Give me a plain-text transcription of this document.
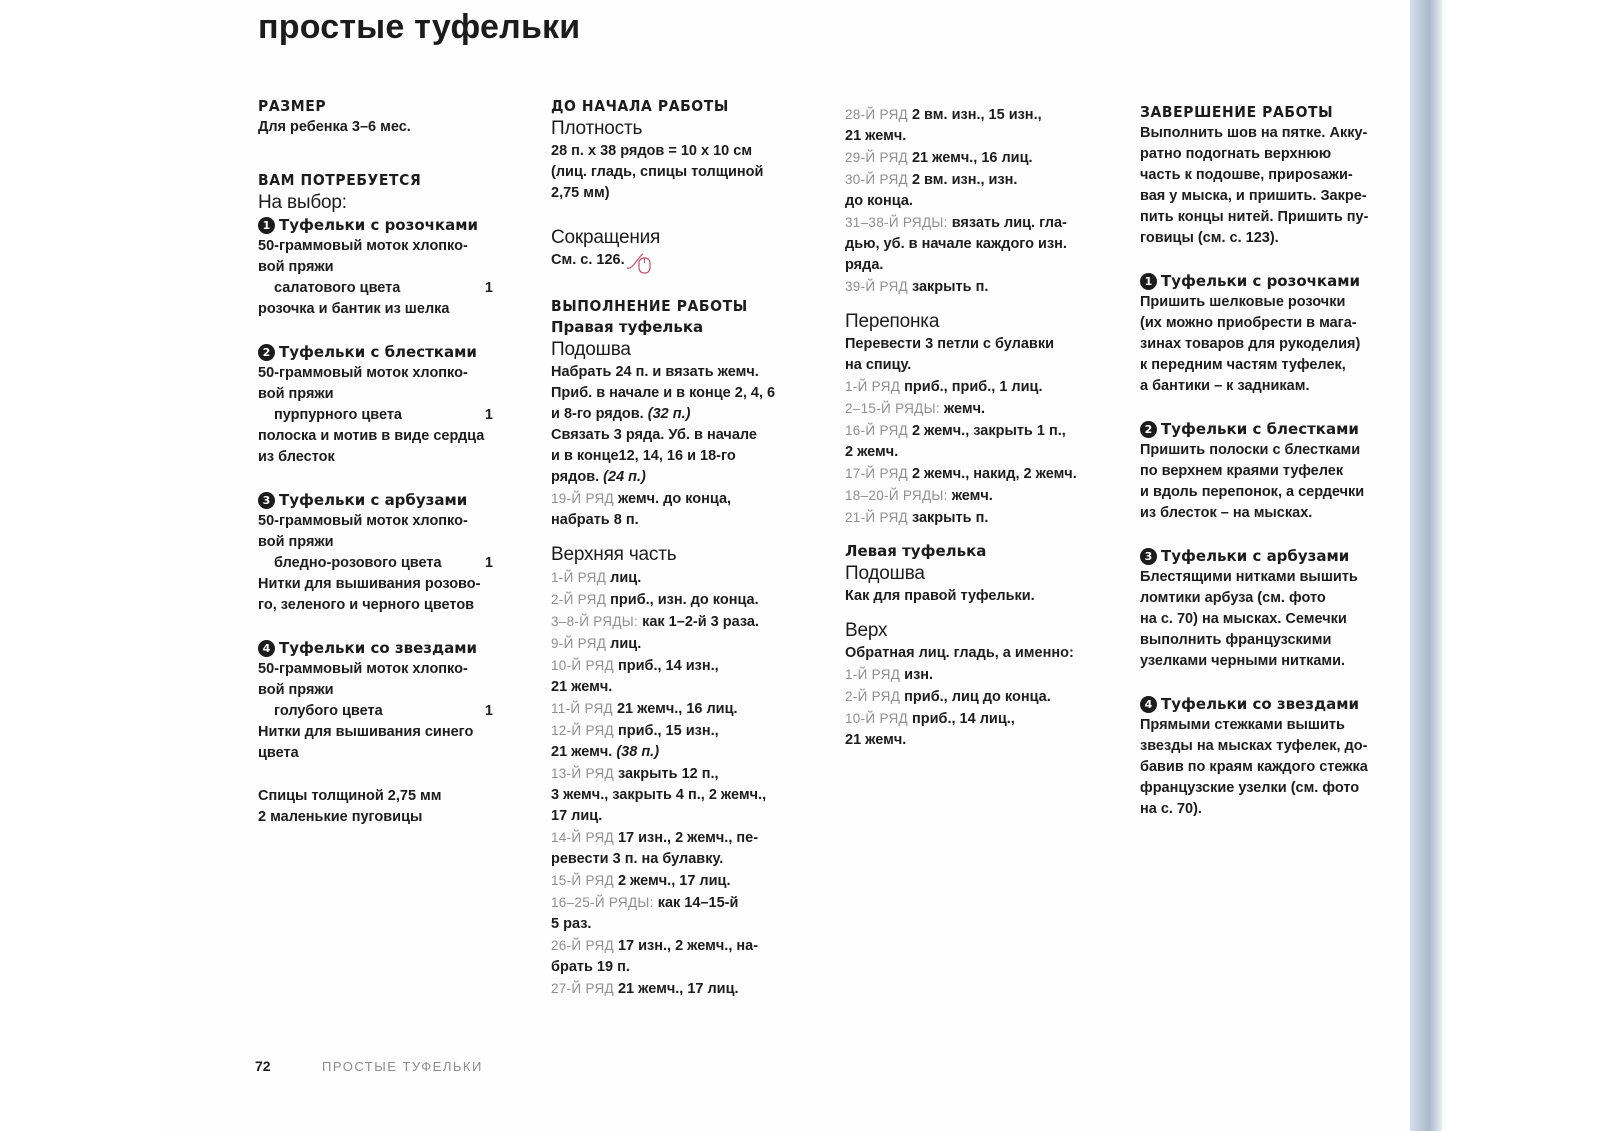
простые туфельки

РАЗМЕР

Для ребенка 3–6 мес.

ВАМ ПОТРЕБУЕТСЯ

На выбор:

1 Туфельки с розочками

50-граммовый моток хлопко-

вой пряжи

салатового цвета	1

розочка и бантик из шелка

2 Туфельки с блестками

50-граммовый моток хлопко-

вой пряжи

пурпурного цвета	1

полоска и мотив в виде сердца

из блесток

3 Туфельки с арбузами

50-граммовый моток хлопко-

вой пряжи

бледно-розового цвета	1

Нитки для вышивания розово-

го, зеленого и черного цветов

4 Туфельки со звездами

50-граммовый моток хлопко-

вой пряжи

голубого цвета	1

Нитки для вышивания синего

цвета

Спицы толщиной 2,75 мм

2 маленькие пуговицы

ДО НАЧАЛА РАБОТЫ

Плотность

28 п. х 38 рядов = 10 х 10 см

(лиц. гладь, спицы толщиной

2,75 мм)

Сокращения

См. с. 126.

ВЫПОЛНЕНИЕ РАБОТЫ

Правая туфелька

Подошва

Набрать 24 п. и вязать жемч.

Приб. в начале и в конце 2, 4, 6

и 8-го рядов. (32 п.)

Связать 3 ряда. Уб. в начале

и в конце12, 14, 16 и 18-го

рядов. (24 п.)

19-Й РЯД жемч. до конца,

набрать 8 п.

Верхняя часть

1-Й РЯД лиц.

2-Й РЯД приб., изн. до конца.

3–8-Й РЯДЫ: как 1–2-й 3 раза.

9-Й РЯД лиц.

10-Й РЯД приб., 14 изн.,

21 жемч.

11-Й РЯД 21 жемч., 16 лиц.

12-Й РЯД приб., 15 изн.,

21 жемч. (38 п.)

13-Й РЯД закрыть 12 п.,

3 жемч., закрыть 4 п., 2 жемч.,

17 лиц.

14-Й РЯД 17 изн., 2 жемч., пе-

ревести 3 п. на булавку.

15-Й РЯД 2 жемч., 17 лиц.

16–25-Й РЯДЫ: как 14–15-й

5 раз.

26-Й РЯД 17 изн., 2 жемч., на-

брать 19 п.

27-Й РЯД 21 жемч., 17 лиц.

28-Й РЯД 2 вм. изн., 15 изн.,

21 жемч.

29-Й РЯД 21 жемч., 16 лиц.

30-Й РЯД 2 вм. изн., изн.

до конца.

31–38-Й РЯДЫ: вязать лиц. гла-

дью, уб. в начале каждого изн.

ряда.

39-Й РЯД закрыть п.

Перепонка

Перевести 3 петли с булавки

на спицу.

1-Й РЯД приб., приб., 1 лиц.

2–15-Й РЯДЫ: жемч.

16-Й РЯД 2 жемч., закрыть 1 п.,

2 жемч.

17-Й РЯД 2 жемч., накид, 2 жемч.

18–20-Й РЯДЫ: жемч.

21-Й РЯД закрыть п.

Левая туфелька

Подошва

Как для правой туфельки.

Верх

Обратная лиц. гладь, а именно:

1-Й РЯД изн.

2-Й РЯД приб., лиц до конца.

10-Й РЯД приб., 14 лиц.,

21 жемч.

ЗАВЕРШЕНИЕ РАБОТЫ

Выполнить шов на пятке. Акку-

ратно подогнать верхнюю

часть к подошве, приposажи-

вая у мыска, и пришить. Закре-

пить концы нитей. Пришить пу-

говицы (см. с. 123).

1 Туфельки с розочками

Пришить шелковые розочки

(их можно приобрести в мага-

зинах товаров для рукоделия)

к передним частям туфелек,

а бантики – к задникам.

2 Туфельки с блестками

Пришить полоски с блестками

по верхнем краями туфелек

и вдоль перепонок, а сердечки

из блесток – на мысках.

3 Туфельки с арбузами

Блестящими нитками вышить

ломтики арбуза (см. фото

на с. 70) на мысках. Семечки

выполнить французскими

узелками черными нитками.

4 Туфельки со звездами

Прямыми стежками вышить

звезды на мысках туфелек, до-

бавив по краям каждого стежка

французские узелки (см. фото

на с. 70).

72	ПРОСТЫЕ ТУФЕЛЬКИ
